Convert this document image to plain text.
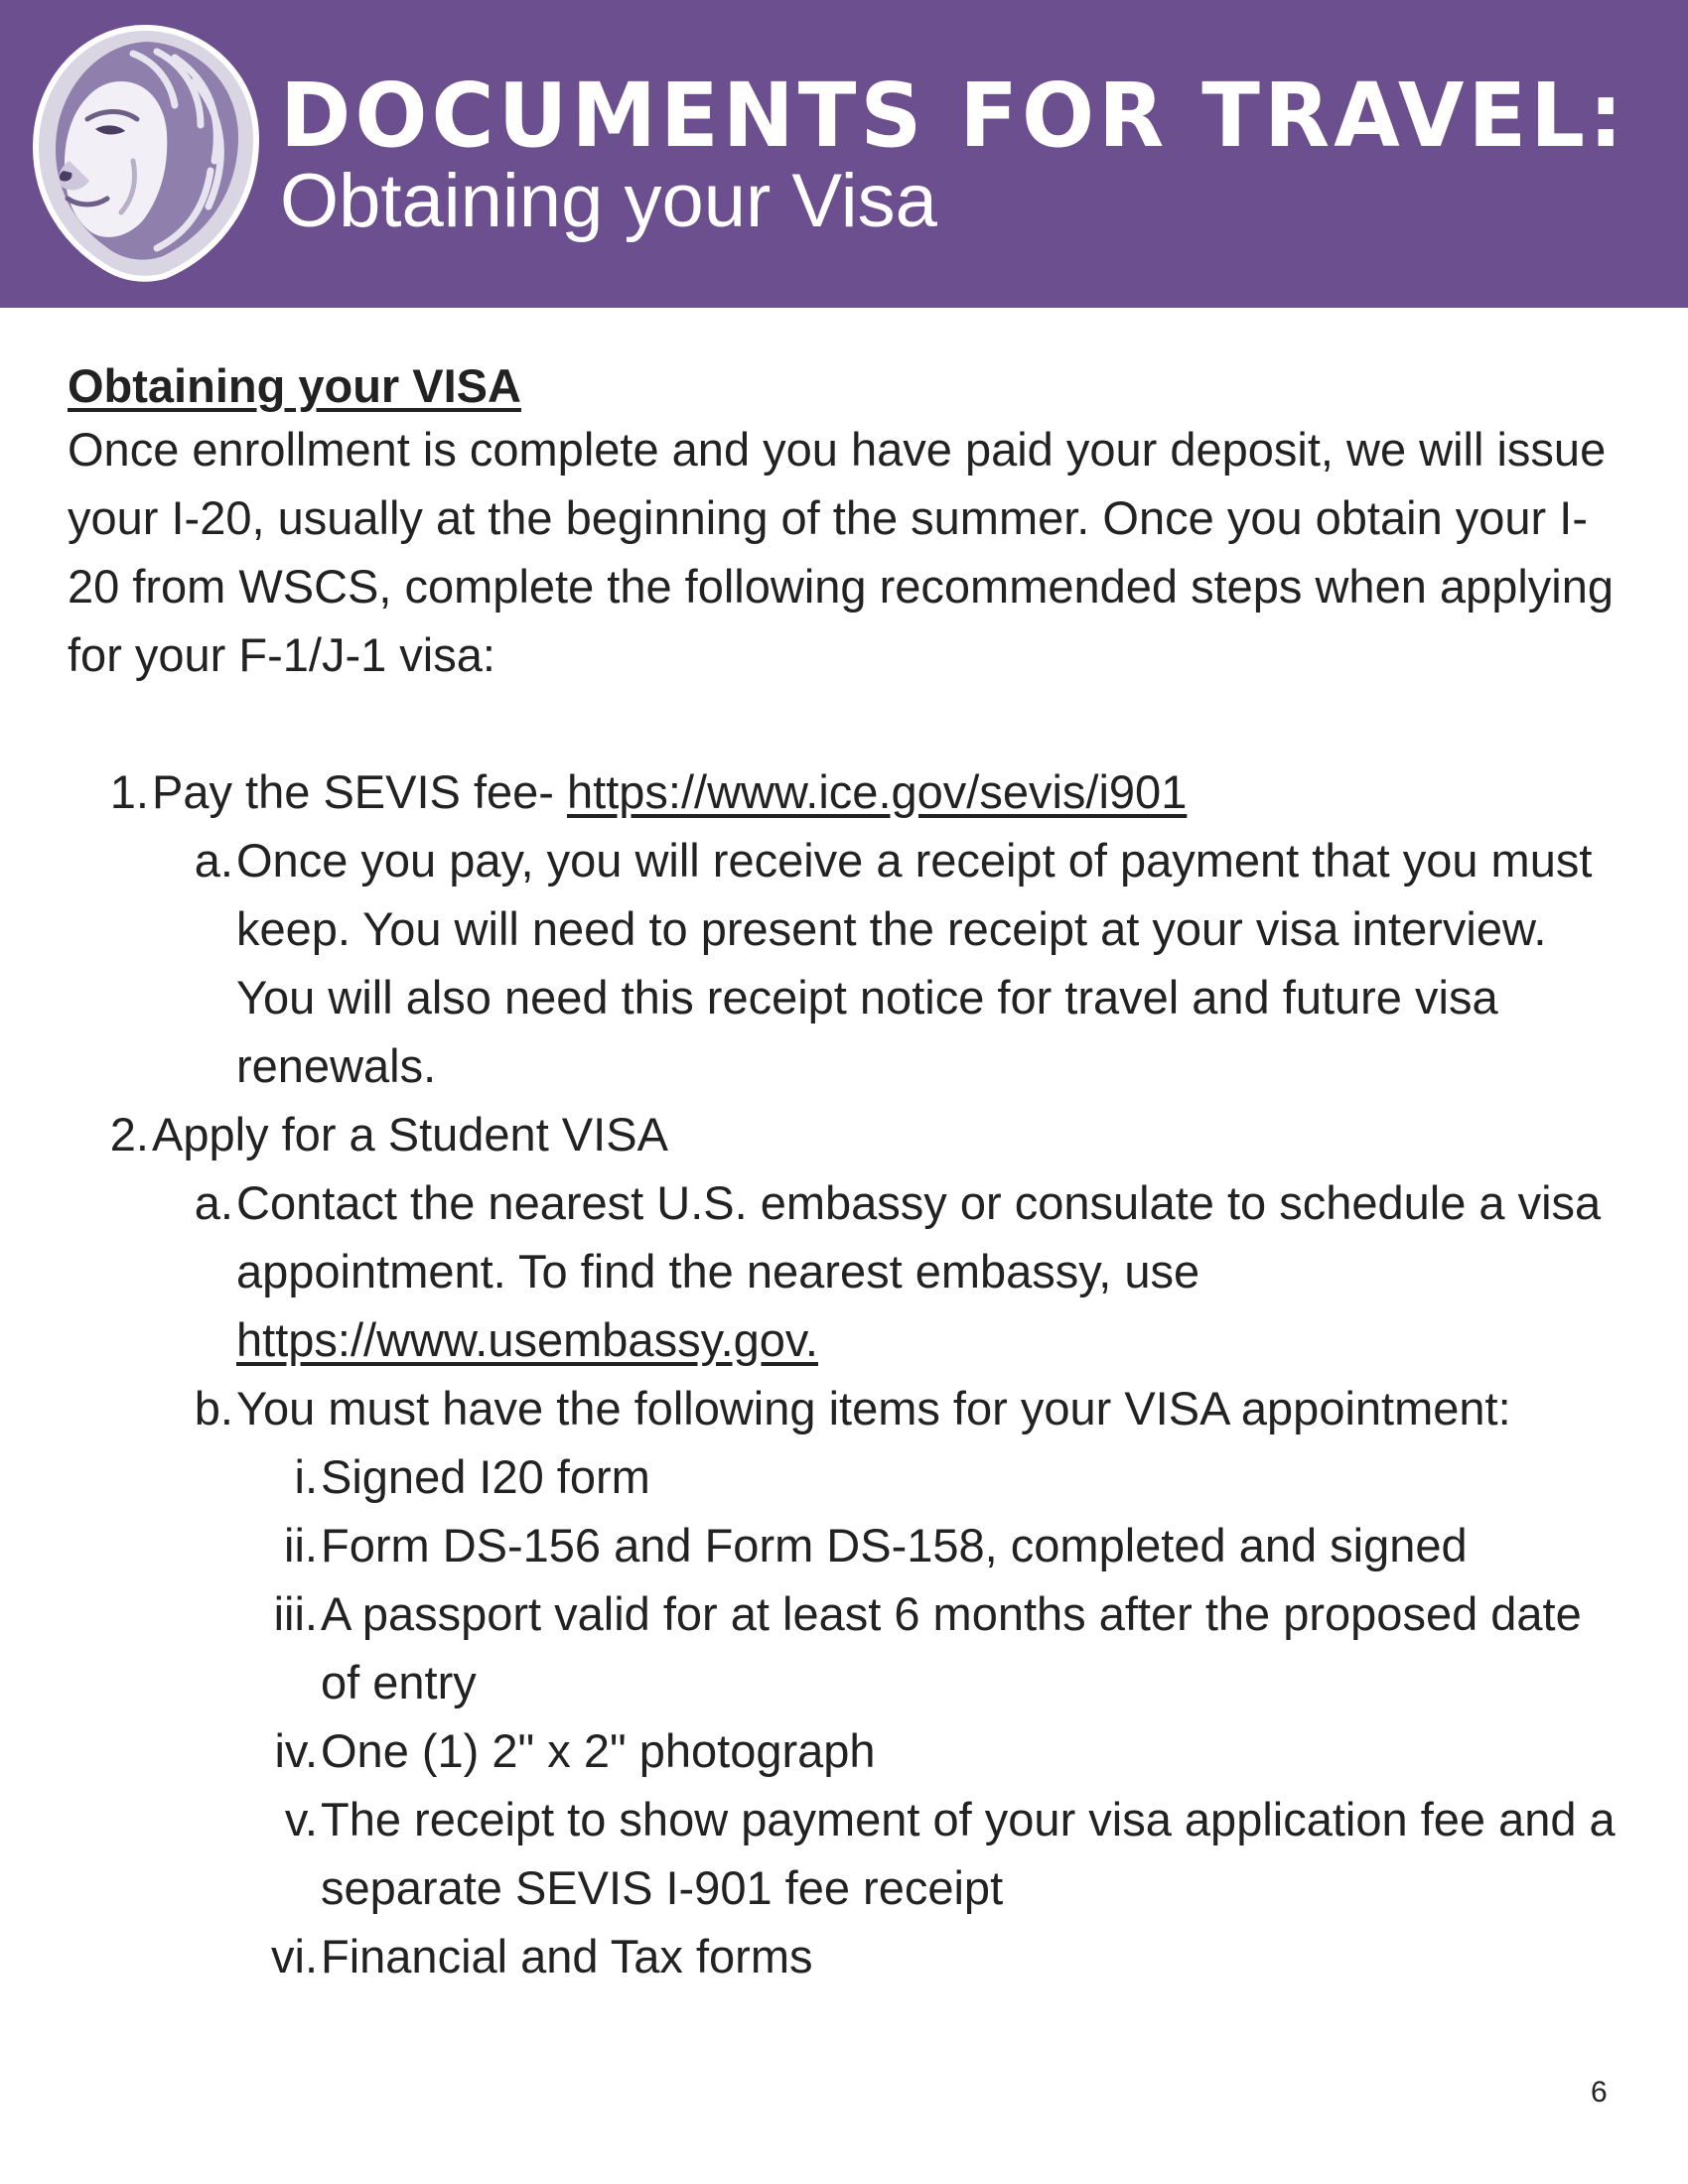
DOCUMENTS FOR TRAVEL:
Obtaining your Visa

Obtaining your VISA

Once enrollment is complete and you have paid your deposit, we will issue your I-20, usually at the beginning of the summer. Once you obtain your I-20 from WSCS, complete the following recommended steps when applying for your F-1/J-1 visa:

1. Pay the SEVIS fee- https://www.ice.gov/sevis/i901
a. Once you pay, you will receive a receipt of payment that you must keep. You will need to present the receipt at your visa interview. You will also need this receipt notice for travel and future visa renewals.
2. Apply for a Student VISA
a. Contact the nearest U.S. embassy or consulate to schedule a visa appointment. To find the nearest embassy, use https://www.usembassy.gov.
b. You must have the following items for your VISA appointment:
i. Signed I20 form
ii. Form DS-156 and Form DS-158, completed and signed
iii. A passport valid for at least 6 months after the proposed date of entry
iv. One (1) 2" x 2" photograph
v. The receipt to show payment of your visa application fee and a separate SEVIS I-901 fee receipt
vi. Financial and Tax forms
6
